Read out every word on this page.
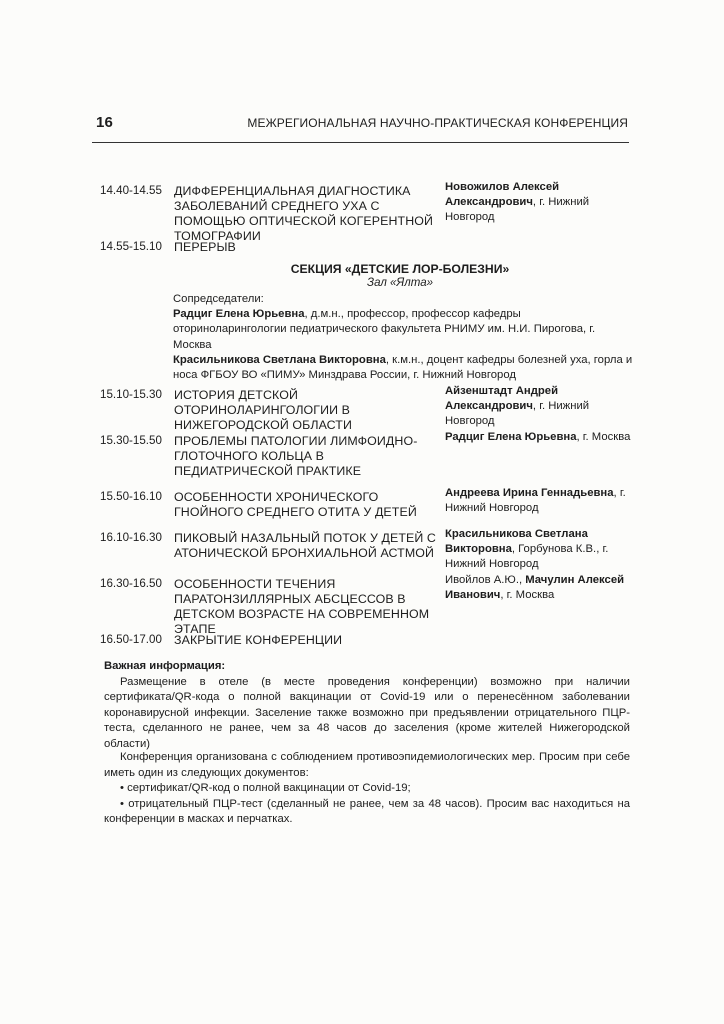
16	МЕЖРЕГИОНАЛЬНАЯ НАУЧНО-ПРАКТИЧЕСКАЯ КОНФЕРЕНЦИЯ
14.40-14.55 ДИФФЕРЕНЦИАЛЬНАЯ ДИАГНОСТИКА ЗАБОЛЕВАНИЙ СРЕДНЕГО УХА С ПОМОЩЬЮ ОПТИЧЕСКОЙ КОГЕРЕНТНОЙ ТОМОГРАФИИ
Новожилов Алексей Александрович, г. Нижний Новгород
14.55-15.10 ПЕРЕРЫВ
СЕКЦИЯ «ДЕТСКИЕ ЛОР-БОЛЕЗНИ»
Зал «Ялта»

Сопредседатели:

Радциг Елена Юрьевна, д.м.н., профессор, профессор кафедры оториноларингологии педиатрического факультета РНИМУ им. Н.И. Пирогова, г. Москва

Красильникова Светлана Викторовна, к.м.н., доцент кафедры болезней уха, горла и носа ФГБОУ ВО «ПИМУ» Минздрава России, г. Нижний Новгород

15.10-15.30 ИСТОРИЯ ДЕТСКОЙ ОТОРИНОЛАРИНГОЛОГИИ В НИЖЕГОРОДСКОЙ ОБЛАСТИ
Айзенштадт Андрей Александрович, г. Нижний Новгород
15.30-15.50 ПРОБЛЕМЫ ПАТОЛОГИИ ЛИМФОИДНО-ГЛОТОЧНОГО КОЛЬЦА В ПЕДИАТРИЧЕСКОЙ ПРАКТИКЕ
Радциг Елена Юрьевна, г. Москва
15.50-16.10 ОСОБЕННОСТИ ХРОНИЧЕСКОГО ГНОЙНОГО СРЕДНЕГО ОТИТА У ДЕТЕЙ
Андреева Ирина Геннадьевна, г. Нижний Новгород
16.10-16.30 ПИКОВЫЙ НАЗАЛЬНЫЙ ПОТОК У ДЕТЕЙ С АТОНИЧЕСКОЙ БРОНХИАЛЬНОЙ АСТМОЙ
Красильникова Светлана Викторовна, Горбунова К.В., г. Нижний Новгород
16.30-16.50 ОСОБЕННОСТИ ТЕЧЕНИЯ ПАРАТОНЗИЛЛЯРНЫХ АБСЦЕССОВ В ДЕТСКОМ ВОЗРАСТЕ НА СОВРЕМЕННОМ ЭТАПЕ
Ивойлов А.Ю., Мачулин Алексей Иванович, г. Москва
16.50-17.00 ЗАКРЫТИЕ КОНФЕРЕНЦИИ

Важная информация:

Размещение в отеле (в месте проведения конференции) возможно при наличии сертификата/QR-кода о полной вакцинации от Covid-19 или о перенесённом заболевании коронавирусной инфекции. Заселение также возможно при предъявлении отрицательного ПЦР-теста, сделанного не ранее, чем за 48 часов до заселения (кроме жителей Нижегородской области)

Конференция организована с соблюдением противоэпидемиологических мер. Просим при себе иметь один из следующих документов:

• сертификат/QR-код о полной вакцинации от Covid-19;

• отрицательный ПЦР-тест (сделанный не ранее, чем за 48 часов). Просим вас находиться на конференции в масках и перчатках.
